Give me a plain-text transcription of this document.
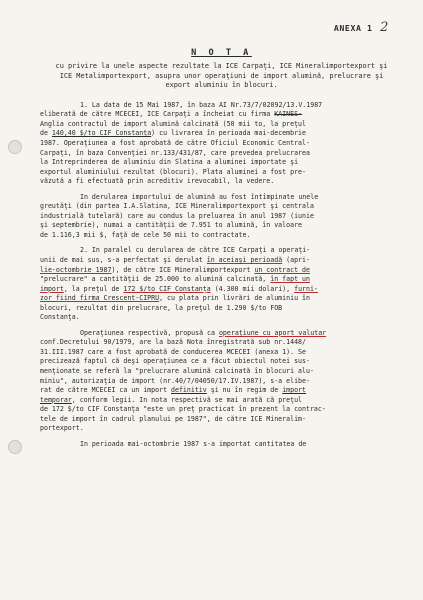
ANEXA 1 2
N O T A
cu privire la unele aspecte rezultate la ICE Carpaţi, ICE Mineralimportexport şi ICE Metalimportexport, asupra unor operaţiuni de import alumină, prelucrare şi export aluminiu în blocuri.
1. La data de 15 Mai 1987, în baza AI Nr.73/7/02092/13.V.1987
eliberată de către MCECEI, ICE Carpaţi a încheiat cu firma KAINES-
Anglia contractul de import alumină calcinată (50 mii to, la preţul
de 140,40 $/to CIF Constanţa) cu livrarea în perioada mai-decembrie
1987. Operaţiunea a fost aprobată de către Oficiul Economic Central-
Carpaţi, în baza Convenţiei nr.133/431/87, care prevedea prelucrarea
la Intreprinderea de aluminiu din Slatina a aluminei importate şi
exportul aluminiului rezultat (blocuri). Plata aluminei a fost pre-
văzută a fi efectuată prin acreditiv irevocabil, la vedere.
In derularea importului de alumină au fost întîmpinate unele
greutăţi (din partea I.A.Slatina, ICE Mineralimportexport şi centrala
industrială tutelară) care au condus la preluarea în anul 1987 (iunie
şi septembrie), numai a cantităţii de 7.951 to alumină, în valoare
de 1.116,3 mii $, faţă de cele 50 mii to contractate.
2. In paralel cu derularea de către ICE Carpaţi a operaţi-
unii de mai sus, s-a perfectat şi derulat în aceiaşi perioadă (apri-
lie-octombrie 1987), de către ICE Mineralimportexport un contract de
"prelucrare" a cantităţii de 25.000 to alumină calcinată, în fapt un
import, la preţul de 172 $/to CIF Constanţa (4.300 mii dolari), furni-
zor fiind firma Crescent-CIPRU, cu plata prin livrări de aluminiu în
blocuri, rezultat din prelucrare, la preţul de 1.290 $/to FOB
Constanţa.
Operaţiunea respectivă, propusă ca operaţiune cu aport valutar
conf.Decretului 90/1979, are la bază Nota înregistrată sub nr.1448/
31.III.1987 care a fost aprobată de conducerea MCECEI (anexa 1). Se
precizează faptul că deşi operaţiunea ce a făcut obiectul notei sus-
menţionate se referă la "prelucrare alumină calcinată în blocuri alu-
miniu", autorizaţia de import (nr.40/7/04050/17.IV.1987), s-a elibe-
rat de către MCECEI ca un import definitiv şi nu în regim de import
temporar, conform legii. In nota respectivă se mai arată că preţul
de 172 $/to CIF Constanţa "este un preţ practicat în prezent la contrac-
tele de import în cadrul planului pe 1987", de către ICE Mineralim-
portexport.
In perioada mai-octombrie 1987 s-a importat cantitatea de
